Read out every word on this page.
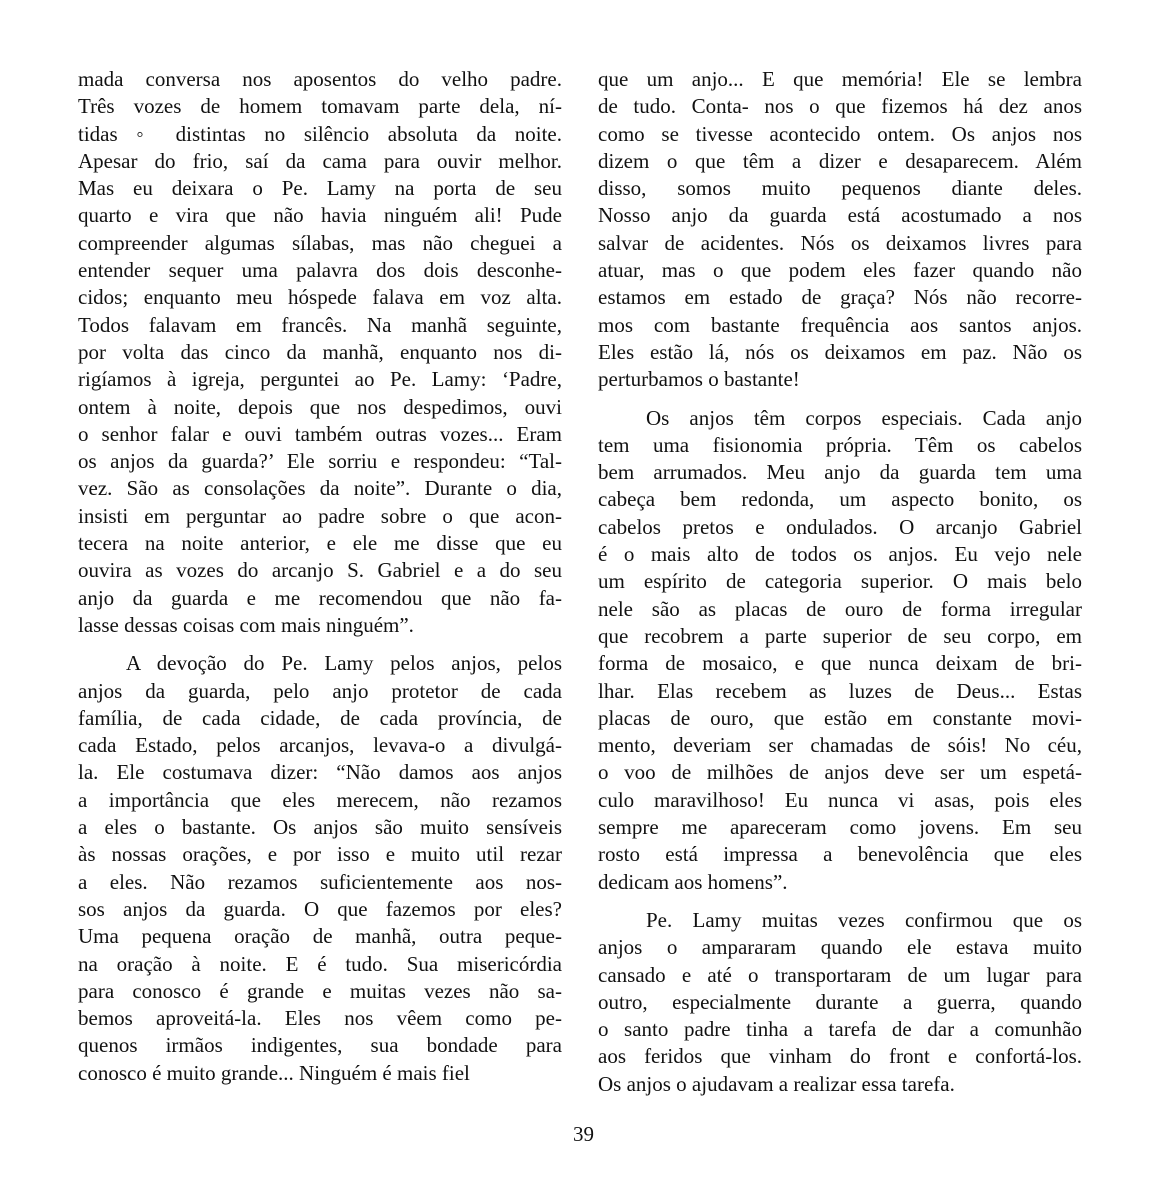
mada conversa nos aposentos do velho padre.
Três vozes de homem tomavam parte dela, ní-
tidas ◦ distintas no silêncio absoluta da noite.
Apesar do frio, saí da cama para ouvir melhor.
Mas eu deixara o Pe. Lamy na porta de seu
quarto e vira que não havia ninguém ali! Pude
compreender algumas sílabas, mas não cheguei a
entender sequer uma palavra dos dois desconhe-
cidos; enquanto meu hóspede falava em voz alta.
Todos falavam em francês. Na manhã seguinte,
por volta das cinco da manhã, enquanto nos di-
rigíamos à igreja, perguntei ao Pe. Lamy: ‘Padre,
ontem à noite, depois que nos despedimos, ouvi
o senhor falar e ouvi também outras vozes... Eram
os anjos da guarda?’ Ele sorriu e respondeu: “Tal-
vez. São as consolações da noite”. Durante o dia,
insisti em perguntar ao padre sobre o que acon-
tecera na noite anterior, e ele me disse que eu
ouvira as vozes do arcanjo S. Gabriel e a do seu
anjo da guarda e me recomendou que não fa-
lasse dessas coisas com mais ninguém”.
A devoção do Pe. Lamy pelos anjos, pelos
anjos da guarda, pelo anjo protetor de cada
família, de cada cidade, de cada província, de
cada Estado, pelos arcanjos, levava-o a divulgá-
la. Ele costumava dizer: “Não damos aos anjos
a importância que eles merecem, não rezamos
a eles o bastante. Os anjos são muito sensíveis
às nossas orações, e por isso e muito util rezar
a eles. Não rezamos suficientemente aos nos-
sos anjos da guarda. O que fazemos por eles?
Uma pequena oração de manhã, outra peque-
na oração à noite. E é tudo. Sua misericórdia
para conosco é grande e muitas vezes não sa-
bemos aproveitá-la. Eles nos vêem como pe-
quenos irmãos indigentes, sua bondade para
conosco é muito grande... Ninguém é mais fiel
que um anjo... E que memória! Ele se lembra
de tudo. Conta- nos o que fizemos há dez anos
como se tivesse acontecido ontem. Os anjos nos
dizem o que têm a dizer e desaparecem. Além
disso, somos muito pequenos diante deles.
Nosso anjo da guarda está acostumado a nos
salvar de acidentes. Nós os deixamos livres para
atuar, mas o que podem eles fazer quando não
estamos em estado de graça? Nós não recorre-
mos com bastante frequência aos santos anjos.
Eles estão lá, nós os deixamos em paz. Não os
perturbamos o bastante!
Os anjos têm corpos especiais. Cada anjo
tem uma fisionomia própria. Têm os cabelos
bem arrumados. Meu anjo da guarda tem uma
cabeça bem redonda, um aspecto bonito, os
cabelos pretos e ondulados. O arcanjo Gabriel
é o mais alto de todos os anjos. Eu vejo nele
um espírito de categoria superior. O mais belo
nele são as placas de ouro de forma irregular
que recobrem a parte superior de seu corpo, em
forma de mosaico, e que nunca deixam de bri-
lhar. Elas recebem as luzes de Deus... Estas
placas de ouro, que estão em constante movi-
mento, deveriam ser chamadas de sóis! No céu,
o voo de milhões de anjos deve ser um espetá-
culo maravilhoso! Eu nunca vi asas, pois eles
sempre me apareceram como jovens. Em seu
rosto está impressa a benevolência que eles
dedicam aos homens”.
Pe. Lamy muitas vezes confirmou que os
anjos o ampararam quando ele estava muito
cansado e até o transportaram de um lugar para
outro, especialmente durante a guerra, quando
o santo padre tinha a tarefa de dar a comunhão
aos feridos que vinham do front e confortá-los.
Os anjos o ajudavam a realizar essa tarefa.
39
